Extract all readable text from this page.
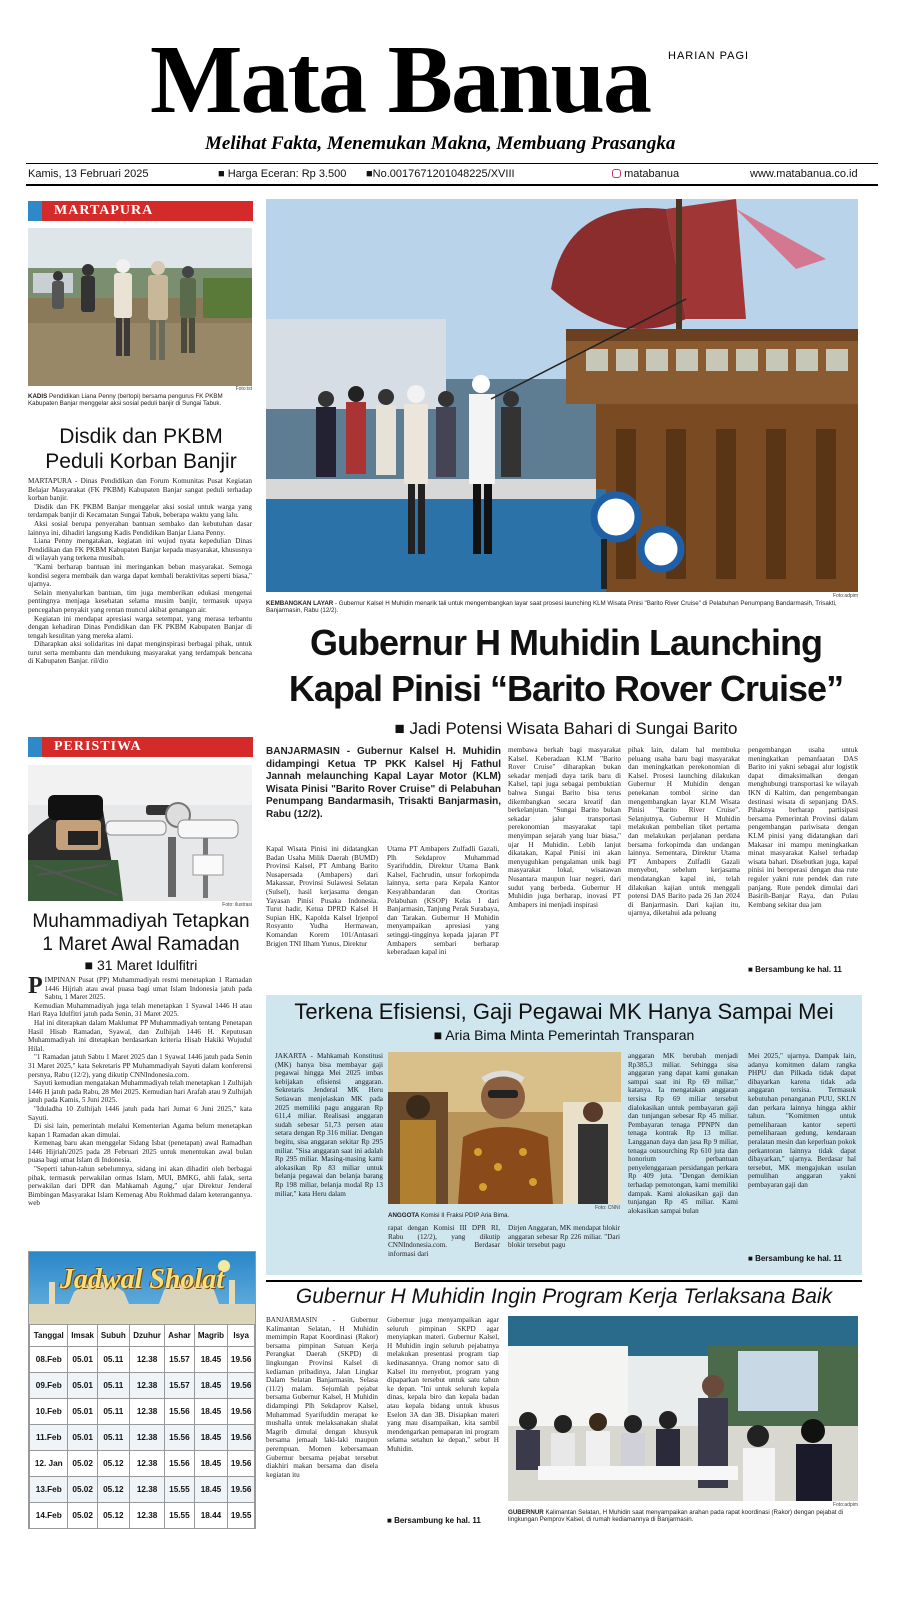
Mata Banua	HARIAN PAGI
Melihat Fakta, Menemukan Makna, Membuang Prasangka
Kamis, 13 Februari 2025	■ Harga Eceran: Rp 3.500 ■No.0017671201048225/XVIII	matabanua	www.matabanua.co.id
MARTAPURA
Foto:ist
KADIS Pendidikan Liana Penny (bertopi) bersama pengurus FK PKBM Kabupaten Banjar menggelar aksi sosial peduli banjir di Sungai Tabuk.
Disdik dan PKBM Peduli Korban Banjir

MARTAPURA - Dinas Pendidikan dan Forum Komunitas Pusat Kegiatan Belajar Masyarakat (FK PKBM) Kabupaten Banjar sangat peduli terhadap korban banjir.

Disdik dan FK PKBM Banjar menggelar aksi sosial untuk warga yang terdampak banjir di Kecamatan Sungai Tabuk, beberapa waktu yang lalu.

Aksi sosial berupa penyerahan bantuan sembako dan kebutuhan dasar lainnya ini, dihadiri langsung Kadis Pendidikan Banjar Liana Penny.

Liana Penny mengatakan, kegiatan ini wujud nyata kepedulian Dinas Pendidikan dan FK PKBM Kabupaten Banjar kepada masyarakat, khususnya di wilayah yang terkena musibah.

"Kami berharap bantuan ini meringankan beban masyarakat. Semoga kondisi segera membaik dan warga dapat kembali beraktivitas seperti biasa," ujarnya.

Selain menyalurkan bantuan, tim juga memberikan edukasi mengenai pentingnya menjaga kesehatan selama musim banjir, termasuk upaya pencegahan penyakit yang rentan muncul akibat genangan air.

Kegiatan ini mendapat apresiasi warga setempat, yang merasa terbantu dengan kehadiran Dinas Pendidikan dan FK PKBM Kabupaten Banjar di tengah kesulitan yang mereka alami.

Diharapkan aksi solidaritas ini dapat menginspirasi berbagai pihak, untuk turut serta membantu dan mendukung masyarakat yang terdampak bencana di Kabupaten Banjar. ril/dio

PERISTIWA
Foto: ilustrasi
Muhammadiyah Tetapkan 1 Maret Awal Ramadan
■ 31 Maret Idulfitri

PIMPINAN Pusat (PP) Muhammadiyah resmi menetapkan 1 Ramadan 1446 Hijriah atau awal puasa bagi umat Islam Indonesia jatuh pada Sabtu, 1 Maret 2025.

Kemudian Muhammadiyah juga telah menetapkan 1 Syawal 1446 H atau Hari Raya Idulfitri jatuh pada Senin, 31 Maret 2025.

Hal ini diterapkan dalam Maklumat PP Muhammadiyah tentang Penetapan Hasil Hisab Ramadan, Syawal, dan Zulhijah 1446 H. Keputusan Muhammadiyah ini ditetapkan berdasarkan kriteria Hisab Hakiki Wujudul Hilal.

"1 Ramadan jatuh Sabtu 1 Maret 2025 dan 1 Syawal 1446 jatuh pada Senin 31 Maret 2025," kata Sekretaris PP Muhammadiyah Sayuti dalam konferensi persnya, Rabu (12/2), yang dikutip CNNIndonesia.com.

Sayuti kemudian mengatakan Muhammadiyah telah menetapkan 1 Zulhijah 1446 H jatuh pada Rabu, 28 Mei 2025. Kemudian hari Arafah atau 9 Zulhijah jatuh pada Kamis, 5 Juni 2025.

"Iduladha 10 Zulhijah 1446 jatuh pada hari Jumat 6 Juni 2025," kata Sayuti.

Di sisi lain, pemerintah melalui Kementerian Agama belum menetapkan kapan 1 Ramadan akan dimulai.

Kemenag baru akan menggelar Sidang Isbat (penetapan) awal Ramadhan 1446 Hijriah/2025 pada 28 Februari 2025 untuk menentukan awal bulan puasa bagi umat Islam di Indonesia.

"Seperti tahun-tahun sebelumnya, sidang ini akan dihadiri oleh berbagai pihak, termasuk perwakilan ormas Islam, MUI, BMKG, ahli falak, serta perwakilan dari DPR dan Mahkamah Agung," ujar Direktur Jenderal Bimbingan Masyarakat Islam Kemenag Abu Rokhmad dalam keterangannya. web

Jadwal Sholat
Tanggal	Imsak	Subuh	Dzuhur	Ashar	Magrib	Isya
08.Feb	05.01	05.11	12.38	15.57	18.45	19.56
09.Feb	05.01	05.11	12.38	15.57	18.45	19.56
10.Feb	05.01	05.11	12.38	15.56	18.45	19.56
11.Feb	05.01	05.11	12.38	15.56	18.45	19.56
12. Jan	05.02	05.12	12.38	15.56	18.45	19.56
13.Feb	05.02	05.12	12.38	15.55	18.45	19.56
14.Feb	05.02	05.12	12.38	15.55	18.44	19.55
Foto:adpim
KEMBANGKAN LAYAR - Gubernur Kalsel H Muhidin menarik tali untuk mengembangkan layar saat prosesi launching KLM Wisata Pinisi "Barito River Cruise" di Pelabuhan Penumpang Bandarmasih, Trisakti, Banjarmasin, Rabu (12/2).
Gubernur H Muhidin Launching
Kapal Pinisi “Barito Rover Cruise”
■ Jadi Potensi Wisata Bahari di Sungai Barito
BANJARMASIN - Gubernur Kalsel H. Muhidin didampingi Ketua TP PKK Kalsel Hj Fathul Jannah melaunching Kapal Layar Motor (KLM) Wisata Pinisi "Barito Rover Cruise" di Pelabuhan Penumpang Bandarmasih, Trisakti Banjarmasin, Rabu (12/2).
Kapal Wisata Pinisi ini didatangkan Badan Usaha Milik Daerah (BUMD) Provinsi Kalsel, PT Ambang Barito Nusapersada (Ambapers) dari Makassar, Provinsi Sulawesi Selatan (Sulsel), hasil kerjasama dengan Yayasan Pinisi Pusaka Indonesia. Turut hadir, Ketua DPRD Kalsel H Supian HK, Kapolda Kalsel Irjenpol Rosyanto Yudha Hermawan, Komandan Korem 101/Antasari Brigjen TNI Ilham Yunus, Direktur
Utama PT Ambapers Zulfadli Gazali, Plh Sekdaprov Muhammad Syarifuddin, Direktur Utama Bank Kalsel, Fachrudin, unsur forkopimda lainnya, serta para Kepala Kantor Kesyahbandaran dan Otoritas Pelabuhan (KSOP) Kelas I dari Banjarmasin, Tanjung Perak Surabaya, dan Tarakan. Gubernur H Muhidin menyampaikan apresiasi yang setinggi-tingginya kepada jajaran PT Ambapers sembari berharap keberadaan kapal ini
membawa berkah bagi masyarakat Kalsel. Keberadaan KLM "Barito Rover Cruise" diharapkan bukan sekadar menjadi daya tarik baru di Kalsel, tapi juga sebagai pembuktian bahwa Sungai Barito bisa terus dikembangkan secara kreatif dan berkelanjutan. "Sungai Barito bukan sekadar jalur transportasi perekonomian masyarakat tapi menyimpan sejarah yang luar biasa," ujar H Muhidin. Lebih lanjut dikatakan, Kapal Pinisi ini akan menyuguhkan pengalaman unik bagi masyarakat lokal, wisatawan Nusantara maupun luar negeri, dari sudut yang berbeda. Gubernur H Muhidin juga berharap, inovasi PT Ambapers ini menjadi inspirasi
pihak lain, dalam hal membuka peluang usaha baru bagi masyarakat dan meningkatkan perekonomian di Kalsel. Prosesi launching dilakukan Gubernur H Muhidin dengan penekanan tombol sirine dan mengembangkan layar KLM Wisata Pinisi "Barito River Cruise". Selanjutnya, Gubernur H Muhidin melakukan pembelian tiket pertama dan melakukan perjalanan perdana bersama forkopimda dan undangan lainnya. Sementara, Direktur Utama PT Ambapers Zulfadli Gazali menyebut, sebelum kerjasama mendatangkan kapal ini, telah dilakukan kajian untuk menggali potensi DAS Barito pada 26 Jan 2024 di Banjarmasin. Dari kajian itu, ujarnya, diketahui ada peluang
pengembangan usaha untuk meningkatkan pemanfaatan DAS Barito ini yakni sebagai alur logistik dapat dimaksimalkan dengan menghubungi transportasi ke wilayah IKN di Kaltim, dan pengembangan destinasi wisata di sepanjang DAS. Pihaknya berharap partisipasi bersama Pemerintah Provinsi dalam pengembangan pariwisata dengan KLM pinisi yang didatangkan dari Makasar ini mampu meningkatkan minat masyarakat Kalsel terhadap wisata bahari. Disebutkan juga, kapal pinisi ini beroperasi dengan dua rute reguler yakni rute pendek dan rute panjang. Rute pendek dimulai dari Basirih-Banjar Raya, dan Pulau Kembang sekitar dua jam
■ Bersambung ke hal. 11
Terkena Efisiensi, Gaji Pegawai MK Hanya Sampai Mei
■ Aria Bima Minta Pemerintah Transparan
JAKARTA - Mahkamah Konstitusi (MK) hanya bisa membayar gaji pegawai hingga Mei 2025 imbas kebijakan efisiensi anggaran. Sekretaris Jenderal MK Heru Setiawan menjelaskan MK pada 2025 memiliki pagu anggaran Rp 611,4 miliar. Realisasi anggaran sudah sebesar 51,73 persen atau setara dengan Rp 316 miliar. Dengan begitu, sisa anggaran sekitar Rp 295 miliar. "Sisa anggaran saat ini adalah Rp 295 miliar. Masing-masing kami alokasikan Rp 83 miliar untuk belanja pegawai dan belanja barang Rp 198 miliar, belanja modal Rp 13 miliar," kata Heru dalam
Foto: CNNI
ANGGOTA Komisi II Fraksi PDIP Aria Bima.
rapat dengan Komisi III DPR RI, Rabu (12/2), yang dikutip CNNIndonesia.com. Berdasar informasi dari
Dirjen Anggaran, MK mendapat blokir anggaran sebesar Rp 226 miliar. "Dari blokir tersebut pagu
anggaran MK berubah menjadi Rp385,3 miliar. Sehingga sisa anggaran yang dapat kami gunakan sampai saat ini Rp 69 miliar," katanya. Ia mengatakan anggaran tersisa Rp 69 miliar tersebut dialokasikan untuk pembayaran gaji dan tunjangan sebesar Rp 45 miliar. Pembayaran tenaga PPNPN dan tenaga kontrak Rp 13 miliar. Langganan daya dan jasa Rp 9 miliar, tenaga outsourching Rp 610 juta dan honorium perbantuan penyelenggaraan persidangan perkara Rp 409 juta. "Dengan demikian terhadap pemotongan, kami memiliki dampak. Kami alokasikan gaji dan tunjangan Rp 45 miliar. Kami alokasikan sampai bulan
Mei 2025," ujarnya. Dampak lain, adanya komitmen dalam rangka PHPU dan Pilkada tidak dapat dibayarkan karena tidak ada anggaran tersisa. Termasuk kebutuhan penanganan PUU, SKLN dan perkara lainnya hingga akhir tahun. "Komitmen untuk pemeliharaan kantor seperti pemeliharaan gedung, kendaraan peralatan mesin dan keperluan pokok perkantoran lainnya tidak dapat dibayarkan," ujarnya. Berdasar hal tersebut, MK mengajukan usulan pemulihan anggaran yakni pembayaran gaji dan
■ Bersambung ke hal. 11
Gubernur H Muhidin Ingin Program Kerja Terlaksana Baik
BANJARMASIN - Gubernur Kalimantan Selatan, H Muhidin memimpin Rapat Koordinasi (Rakor) bersama pimpinan Satuan Kerja Perangkat Daerah (SKPD) di lingkungan Provinsi Kalsel di kediaman pribadinya, Jalan Lingkar Dalam Selatan Banjarmasin, Selasa (11/2) malam. Sejumlah pejabat bersama Gubernur Kalsel, H Muhidin didampingi Plh Sekdaprov Kalsel, Muhammad Syarifuddin merapat ke mushalla untuk melaksanakan shalat Magrib dimulai dengan khusyuk bersama jemaah laki-laki maupun perempuan. Momen kebersamaan Gubernur bersama pejabat tersebut diakhiri makan bersama dan disela kegiatan itu
Gubernur juga menyampaikan agar seluruh pimpinan SKPD agar menyiapkan materi. Gubernur Kalsel, H Muhidin ingin seluruh pejabatnya melakukan presentasi program tiap kedinasannya. Orang nomor satu di Kalsel itu menyebut, program yang dipaparkan tersebut untuk satu tahun ke depan. "Ini untuk seluruh kepala dinas, kepala biro dan kepala badan atau kepala bidang untuk khusus Eselon 3A dan 3B. Disiapkan materi yang mau disampaikan, kita sambil mendengarkan pemaparan ini program selama setahun ke depan," sebut H Muhidin.
■ Bersambung ke hal. 11
Foto:adpim
GUBERNUR Kalimantan Selatan, H Muhidin saat menyampaikan arahan pada rapat koordinasi (Rakor) dengan pejabat di lingkungan Pemprov Kalsel, di rumah kediamannya di Banjarmasin.
